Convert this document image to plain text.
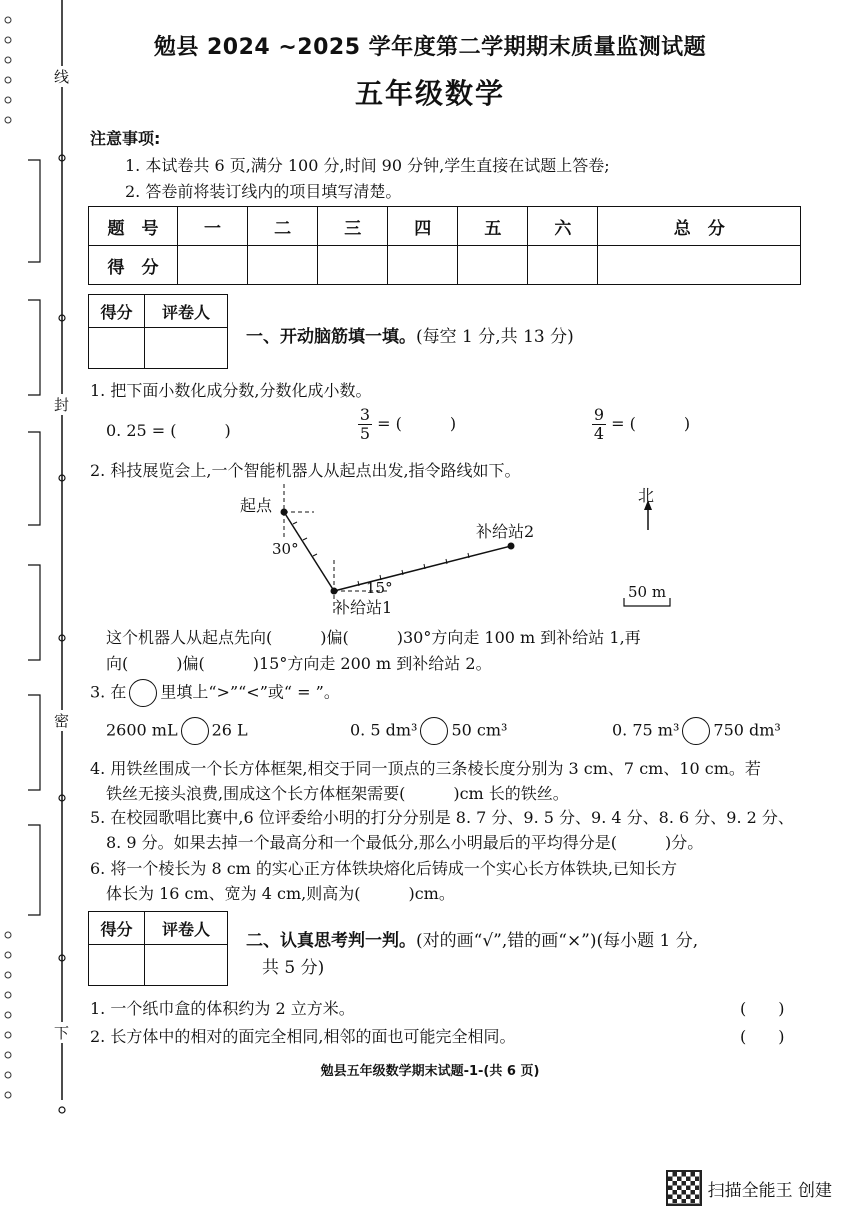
线
封
密
下
勉县 2024 ~2025 学年度第二学期期末质量监测试题
五年级数学
注意事项:
1. 本试卷共 6 页,满分 100 分,时间 90 分钟,学生直接在试题上答卷;
2. 答卷前将装订线内的项目填写清楚。
题　号	一	二	三	四	五	六	总　分
得　分							
得分	评卷人

一、开动脑筋填一填。(每空 1 分,共 13 分)
1. 把下面小数化成分数,分数化成小数。
0. 25 = (　　　)	$\frac{3}{5}$ = (　　　)	$\frac{9}{4}$ = (　　　)
2. 科技展览会上,一个智能机器人从起点出发,指令路线如下。
起点
补给站1
补给站2
北
30°
15°	50 m
这个机器人从起点先向(　　　)偏(　　　)30°方向走 100 m 到补给站 1,再
向(　　　)偏(　　　)15°方向走 200 m 到补给站 2。
3. 在 里填上“>”“<”或“ = ”。
2600 mL 26 L	0. 5 dm³ 50 cm³	0. 75 m³ 750 dm³
4. 用铁丝围成一个长方体框架,相交于同一顶点的三条棱长度分别为 3 cm、7 cm、10 cm。若
铁丝无接头浪费,围成这个长方体框架需要(　　　)cm 长的铁丝。
5. 在校园歌唱比赛中,6 位评委给小明的打分分别是 8. 7 分、9. 5 分、9. 4 分、8. 6 分、9. 2 分、
8. 9 分。如果去掉一个最高分和一个最低分,那么小明最后的平均得分是(　　　)分。
6. 将一个棱长为 8 cm 的实心正方体铁块熔化后铸成一个实心长方体铁块,已知长方
体长为 16 cm、宽为 4 cm,则高为(　　　)cm。
得分	评卷人

二、认真思考判一判。(对的画“√”,错的画“×”)(每小题 1 分,
共 5 分)
1. 一个纸巾盒的体积约为 2 立方米。	(　　)
2. 长方体中的相对的面完全相同,相邻的面也可能完全相同。	(　　)
勉县五年级数学期末试题-1-(共 6 页)
扫描全能王 创建
